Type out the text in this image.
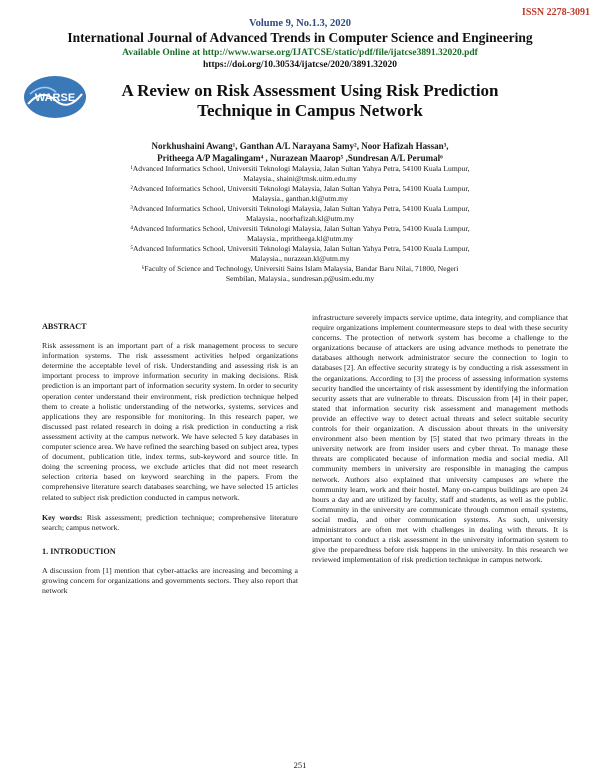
ISSN 2278-3091
Volume 9, No.1.3, 2020
International Journal of Advanced Trends in Computer Science and Engineering
Available Online at http://www.warse.org/IJATCSE/static/pdf/file/ijatcse3891.32020.pdf
https://doi.org/10.30534/ijatcse/2020/3891.32020
WARSE	A Review on Risk Assessment Using Risk Prediction
Technique in Campus Network
Norkhushaini Awang¹, Ganthan A/L Narayana Samy², Noor Hafizah Hassan³,
Pritheega A/P Magalingam⁴ , Nurazean Maarop⁵ ,Sundresan A/L Perumal⁶
¹Advanced Informatics School, Universiti Teknologi Malaysia, Jalan Sultan Yahya Petra, 54100 Kuala Lumpur,
Malaysia., shaini@tmsk.uitm.edu.my
²Advanced Informatics School, Universiti Teknologi Malaysia, Jalan Sultan Yahya Petra, 54100 Kuala Lumpur,
Malaysia., ganthan.kl@utm.my
³Advanced Informatics School, Universiti Teknologi Malaysia, Jalan Sultan Yahya Petra, 54100 Kuala Lumpur,
Malaysia., noorhafizah.kl@utm.my
⁴Advanced Informatics School, Universiti Teknologi Malaysia, Jalan Sultan Yahya Petra, 54100 Kuala Lumpur,
Malaysia., mpritheega.kl@utm.my
⁵Advanced Informatics School, Universiti Teknologi Malaysia, Jalan Sultan Yahya Petra, 54100 Kuala Lumpur,
Malaysia., nurazean.kl@utm.my
⁶Faculty of Science and Technology, Universiti Sains Islam Malaysia, Bandar Baru Nilai, 71800, Negeri
Sembilan, Malaysia., sundresan.p@usim.edu.my

ABSTRACT

Risk assessment is an important part of a risk management process to secure information systems. The risk assessment activities helped organizations determine the acceptable level of risk. Understanding and assessing risk is an important process to improve information security in making decisions. Risk prediction is an important part of information security system. In order to security operation center understand their environment, risk prediction technique helped them to create a holistic understanding of the networks, systems, services and applications they are responsible for monitoring. In this research paper, we discussed past related research in doing a risk prediction in conducting a risk assessment activity at the campus network. We have selected 5 key databases in computer science area. We have refined the searching based on subject area, types of document, publication title, index terms, sub-keyword and source title. In doing the screening process, we exclude articles that did not meet research selection criteria based on keyword searching in the papers. From the comprehensive literature search databases searching, we have selected 15 articles related to subject risk prediction conducted in campus network.

Key words: Risk assessment; prediction technique; comprehensive literature search; campus network.

1. INTRODUCTION

A discussion from [1] mention that cyber-attacks are increasing and becoming a growing concern for organizations and governments sectors. They also report that network

infrastructure severely impacts service uptime, data integrity, and compliance that require organizations implement countermeasure steps to deal with these security concerns. The protection of network system has become a challenge to the organizations because of attackers are using advance methods to penetrate the databases although network administrator secure the connection to login to databases [2]. An effective security strategy is by conducting a risk assessment in the organizations. According to [3] the process of assessing information systems security handled the uncertainty of risk assessment by identifying the information security assets that are vulnerable to threats. Discussion from [4] in their paper, stated that information security risk assessment and management methods provide an effective way to detect actual threats and select suitable security controls for their organization. A discussion about threats in the university environment also been mention by [5] stated that two primary threats in the university network are from insider users and cyber threat. To manage these threats are complicated because of information media and social media. All community members in university are responsible in managing the campus network. Authors also explained that university campuses are where the community learn, work and their hostel. Many on-campus buildings are open 24 hours a day and are utilized by faculty, staff and students, as well as the public. Community in the university are communicate through common email systems, social media, and other communication systems. As such, university administrators are often met with challenges in dealing with threats. It is important to conduct a risk assessment in the university information system to give the preparedness before risk happens in the university. In this research we reviewed implementation of risk prediction technique in campus network.

251
